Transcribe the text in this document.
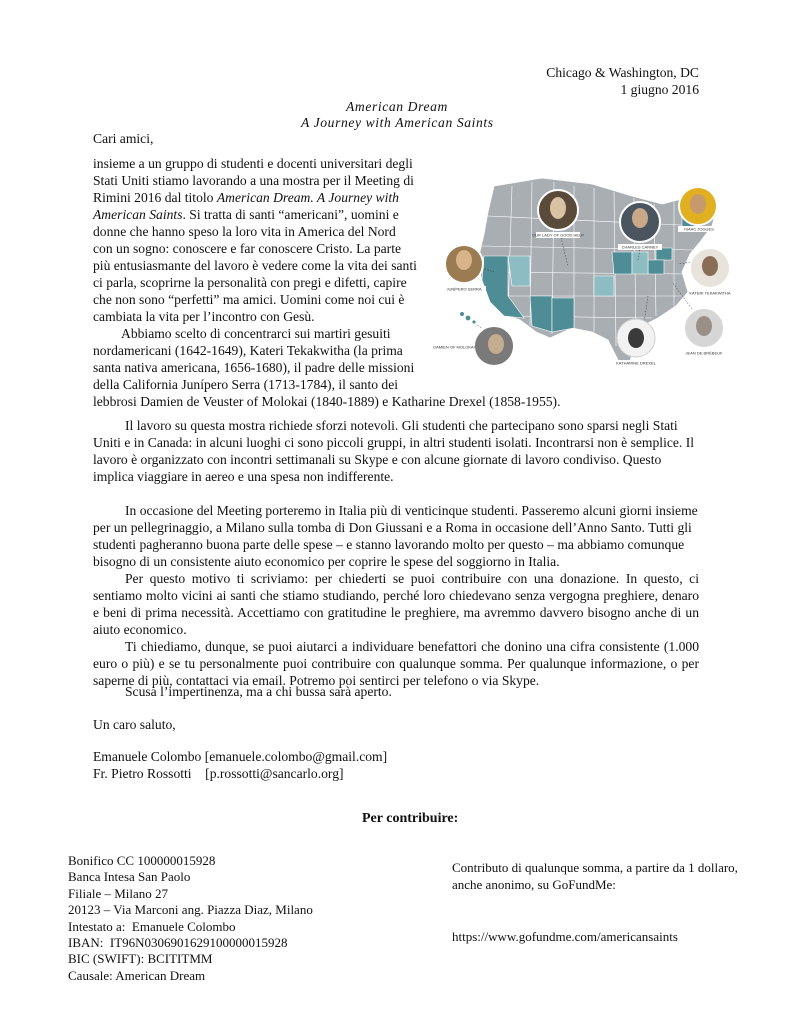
Chicago & Washington, DC
1 giugno 2016
American Dream
A Journey with American Saints
Cari amici,
insieme a un gruppo di studenti e docenti universitari degli
Stati Uniti stiamo lavorando a una mostra per il Meeting di
Rimini 2016 dal titolo American Dream. A Journey with
American Saints. Si tratta di santi “americani”, uomini e
donne che hanno speso la loro vita in America del Nord
con un sogno: conoscere e far conoscere Cristo. La parte
più entusiasmante del lavoro è vedere come la vita dei santi
ci parla, scoprirne la personalità con pregi e difetti, capire
che non sono “perfetti” ma amici. Uomini come noi cui è
cambiata la vita per l’incontro con Gesù.
Abbiamo scelto di concentrarci sui martiri gesuiti
nordamericani (1642-1649), Kateri Tekakwitha (la prima
santa nativa americana, 1656-1680), il padre delle missioni
della California Junípero Serra (1713-1784), il santo dei
lebbrosi Damien de Veuster of Molokai (1840-1889) e Katharine Drexel (1858-1955).
OUR LADY OF GOOD HELP
CHARLES CARNEY
ISAAC JOGUES
JUNÍPERO SERRA
KATERI TEKAKWITHA
DAMIEN OF MOLOKAI
KATHARINE DREXEL
JEAN DE BRÉBEUF

Il lavoro su questa mostra richiede sforzi notevoli. Gli studenti che partecipano sono sparsi negli Stati Uniti e in Canada: in alcuni luoghi ci sono piccoli gruppi, in altri studenti isolati. Incontrarsi non è semplice. Il lavoro è organizzato con incontri settimanali su Skype e con alcune giornate di lavoro condiviso. Questo implica viaggiare in aereo e una spesa non indifferente.

In occasione del Meeting porteremo in Italia più di venticinque studenti. Passeremo alcuni giorni insieme per un pellegrinaggio, a Milano sulla tomba di Don Giussani e a Roma in occasione dell’Anno Santo. Tutti gli studenti pagheranno buona parte delle spese – e stanno lavorando molto per questo – ma abbiamo comunque bisogno di un consistente aiuto economico per coprire le spese del soggiorno in Italia.

Per questo motivo ti scriviamo: per chiederti se puoi contribuire con una donazione. In questo, ci sentiamo molto vicini ai santi che stiamo studiando, perché loro chiedevano senza vergogna preghiere, denaro e beni di prima necessità. Accettiamo con gratitudine le preghiere, ma avremmo davvero bisogno anche di un aiuto economico.

Ti chiediamo, dunque, se puoi aiutarci a individuare benefattori che donino una cifra consistente (1.000 euro o più) e se tu personalmente puoi contribuire con qualunque somma. Per qualunque informazione, o per saperne di più, contattaci via email. Potremo poi sentirci per telefono o via Skype.

Scusa l’impertinenza, ma a chi bussa sarà aperto.
Un caro saluto,
Emanuele Colombo [emanuele.colombo@gmail.com]
Fr. Pietro Rossotti    [p.rossotti@sancarlo.org]
Per contribuire:
Bonifico CC 100000015928
Banca Intesa San Paolo
Filiale – Milano 27
20123 – Via Marconi ang. Piazza Diaz, Milano
Intestato a:  Emanuele Colombo
IBAN:  IT96N0306901629100000015928
BIC (SWIFT): BCITITMM
Causale: American Dream
Contributo di qualunque somma, a partire da 1 dollaro,
anche anonimo, su GoFundMe:
https://www.gofundme.com/americansaints
